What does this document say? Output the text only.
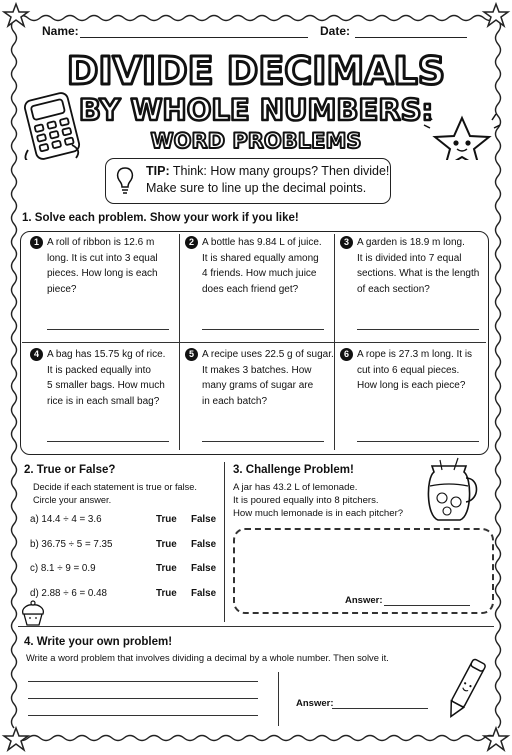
Name:	Date:
DIVIDE DECIMALS
BY WHOLE NUMBERS:
WORD PROBLEMS
TIP: Think: How many groups? Then divide!
Make sure to line up the decimal points.
1. Solve each problem. Show your work if you like!
1 A roll of ribbon is 12.6 m
long. It is cut into 3 equal
pieces. How long is each
piece?
2 A bottle has 9.84 L of juice.
It is shared equally among
4 friends. How much juice
does each friend get?
3 A garden is 18.9 m long.
It is divided into 7 equal
sections. What is the length
of each section?
4 A bag has 15.75 kg of rice.
It is packed equally into
5 smaller bags. How much
rice is in each small bag?
5 A recipe uses 22.5 g of sugar.
It makes 3 batches. How
many grams of sugar are
in each batch?
6 A rope is 27.3 m long. It is
cut into 6 equal pieces.
How long is each piece?
2. True or False?
Decide if each statement is true or false.
Circle your answer.
a) 14.4 ÷ 4 = 3.6	True False
b) 36.75 ÷ 5 = 7.35	True False
c) 8.1 ÷ 9 = 0.9	True False
d) 2.88 ÷ 6 = 0.48	True False
3. Challenge Problem!
A jar has 43.2 L of lemonade.
It is poured equally into 8 pitchers.
How much lemonade is in each pitcher?
Answer:
4. Write your own problem!
Write a word problem that involves dividing a decimal by a whole number. Then solve it.
Answer:
